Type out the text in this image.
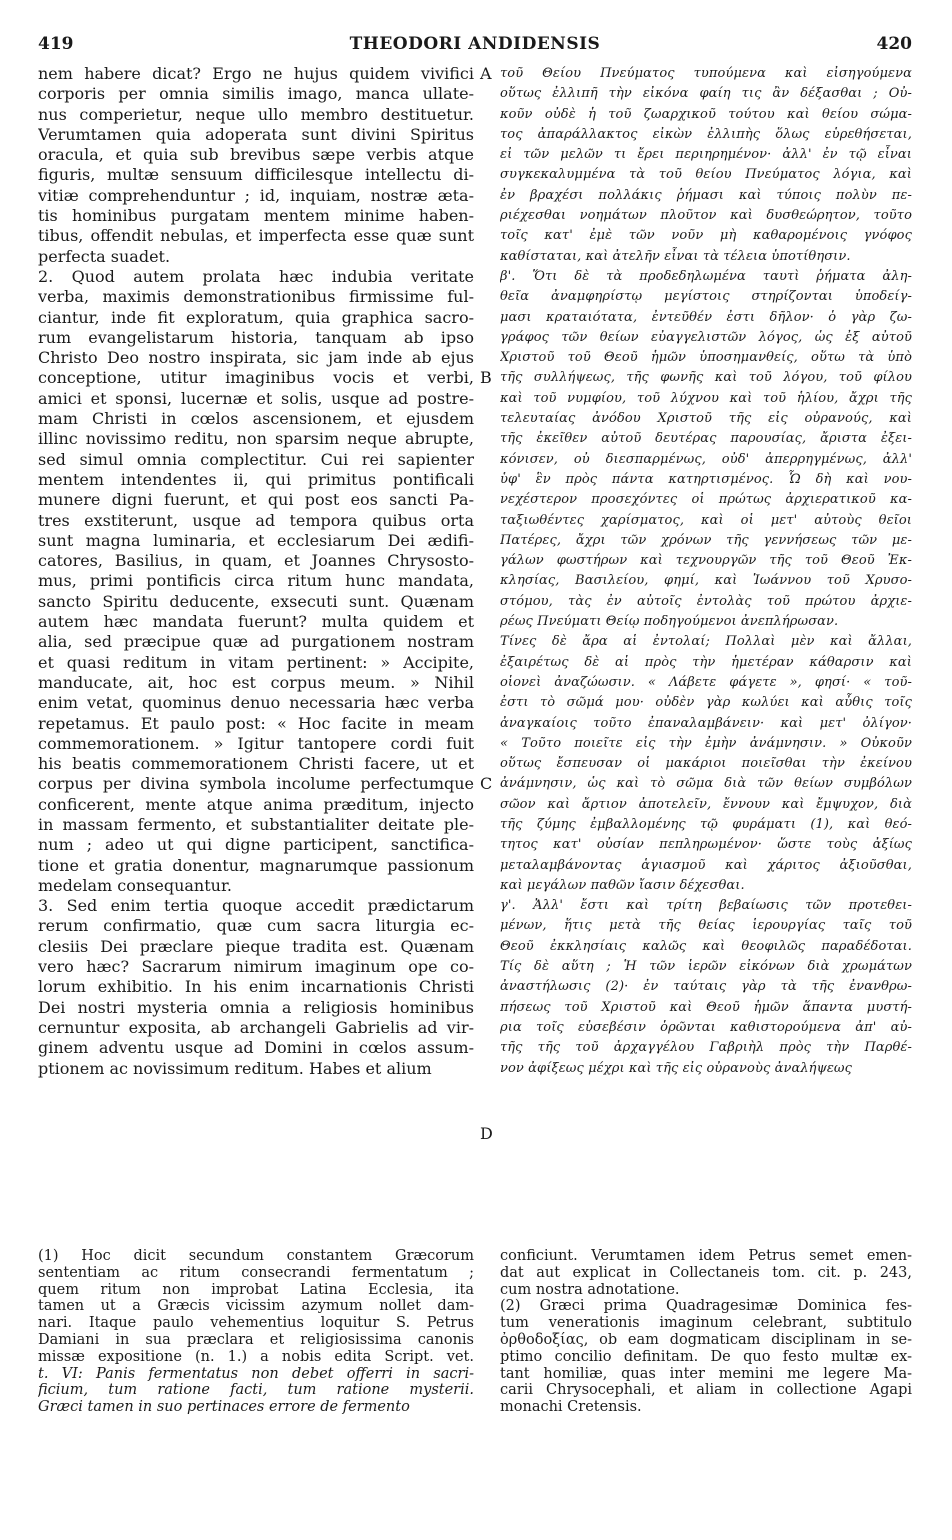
419	THEODORI ANDIDENSIS	420
A
B
C
D
nem habere dicat? Ergo ne hujus quidem vivifici
corporis per omnia similis imago, manca ullate-
nus comperietur, neque ullo membro destituetur.
Verumtamen quia adoperata sunt divini Spiritus
oracula, et quia sub brevibus sæpe verbis atque
figuris, multæ sensuum difficilesque intellectu di-
vitiæ comprehenduntur ; id, inquiam, nostræ æta-
tis hominibus purgatam mentem minime haben-
tibus, offendit nebulas, et imperfecta esse quæ sunt
perfecta suadet.
2. Quod autem prolata hæc indubia veritate
verba, maximis demonstrationibus firmissime ful-
ciantur, inde fit exploratum, quia graphica sacro-
rum evangelistarum historia, tanquam ab ipso
Christo Deo nostro inspirata, sic jam inde ab ejus
conceptione, utitur imaginibus vocis et verbi,
amici et sponsi, lucernæ et solis, usque ad postre-
mam Christi in cœlos ascensionem, et ejusdem
illinc novissimo reditu, non sparsim neque abrupte,
sed simul omnia complectitur. Cui rei sapienter
mentem intendentes ii, qui primitus pontificali
munere digni fuerunt, et qui post eos sancti Pa-
tres exstiterunt, usque ad tempora quibus orta
sunt magna luminaria, et ecclesiarum Dei ædifi-
catores, Basilius, in quam, et Joannes Chrysosto-
mus, primi pontificis circa ritum hunc mandata,
sancto Spiritu deducente, exsecuti sunt. Quænam
autem hæc mandata fuerunt? multa quidem et
alia, sed præcipue quæ ad purgationem nostram
et quasi reditum in vitam pertinent: » Accipite,
manducate, ait, hoc est corpus meum. » Nihil
enim vetat, quominus denuo necessaria hæc verba
repetamus. Et paulo post: « Hoc facite in meam
commemorationem. » Igitur tantopere cordi fuit
his beatis commemorationem Christi facere, ut et
corpus per divina symbola incolume perfectumque
conficerent, mente atque anima præditum, injecto
in massam fermento, et substantialiter deitate ple-
num ; adeo ut qui digne participent, sanctifica-
tione et gratia donentur, magnarumque passionum
medelam consequantur.
3. Sed enim tertia quoque accedit prædictarum
rerum confirmatio, quæ cum sacra liturgia ec-
clesiis Dei præclare pieque tradita est. Quænam
vero hæc? Sacrarum nimirum imaginum ope co-
lorum exhibitio. In his enim incarnationis Christi
Dei nostri mysteria omnia a religiosis hominibus
cernuntur exposita, ab archangeli Gabrielis ad vir-
ginem adventu usque ad Domini in cœlos assum-
ptionem ac novissimum reditum. Habes et alium
τοῦ Θείου Πνεύματος τυπούμενα καὶ εἰσηγούμενα
οὕτως ἐλλιπῆ τὴν εἰκόνα φαίη τις ἂν δέξασθαι ; Οὐ-
κοῦν οὐδὲ ἡ τοῦ ζωαρχικοῦ τούτου καὶ θείου σώμα-
τος ἀπαράλλακτος εἰκὼν ἐλλιπὴς ὅλως εὑρεθήσεται,
εἰ τῶν μελῶν τι ἔρει περιηρημένον· ἀλλ' ἐν τῷ εἶναι
συγκεκαλυμμένα τὰ τοῦ θείου Πνεύματος λόγια, καὶ
ἐν βραχέσι πολλάκις ῥήμασι καὶ τύποις πολὺν πε-
ριέχεσθαι νοημάτων πλοῦτον καὶ δυσθεώρητον, τοῦτο
τοῖς κατ' ἐμὲ τῶν νοῦν μὴ καθαρομένοις γνόφος
καθίσταται, καὶ ἀτελῆν εἶναι τὰ τέλεια ὑποτίθησιν.
β'. Ὅτι δὲ τὰ προδεδηλωμένα ταυτὶ ῥήματα ἀλη-
θεῖα ἀναμφηρίστῳ μεγίστοις στηρίζονται ὑποδείγ-
μασι κραταιότατα, ἐντεῦθέν ἐστι δῆλον· ὁ γὰρ ζω-
γράφος τῶν θείων εὐαγγελιστῶν λόγος, ὡς ἐξ αὐτοῦ
Χριστοῦ τοῦ Θεοῦ ἡμῶν ὑποσημανθείς, οὕτω τὰ ὑπὸ
τῆς συλλήψεως, τῆς φωνῆς καὶ τοῦ λόγου, τοῦ φίλου
καὶ τοῦ νυμφίου, τοῦ λύχνου καὶ τοῦ ἡλίου, ἄχρι τῆς
τελευταίας ἀνόδου Χριστοῦ τῆς εἰς οὐρανούς, καὶ
τῆς ἐκεῖθεν αὐτοῦ δευτέρας παρουσίας, ἄριστα ἐξει-
κόνισεν, οὐ διεσπαρμένως, οὐδ' ἀπερρηγμένως, ἀλλ'
ὑφ' ἓν πρὸς πάντα κατηρτισμένος. Ὧ δὴ καὶ νου-
νεχέστερον προσεχόντες οἱ πρώτως ἀρχιερατικοῦ κα-
ταξιωθέντες χαρίσματος, καὶ οἱ μετ' αὐτοὺς θεῖοι
Πατέρες, ἄχρι τῶν χρόνων τῆς γεννήσεως τῶν με-
γάλων φωστήρων καὶ τεχνουργῶν τῆς τοῦ Θεοῦ Ἐκ-
κλησίας, Βασιλείου, φημί, καὶ Ἰωάννου τοῦ Χρυσο-
στόμου, τὰς ἐν αὐτοῖς ἐντολὰς τοῦ πρώτου ἀρχιε-
ρέως Πνεύματι Θείῳ ποδηγούμενοι ἀνεπλήρωσαν.
Τίνες δὲ ἄρα αἱ ἐντολαί; Πολλαὶ μὲν καὶ ἄλλαι,
ἐξαιρέτως δὲ αἱ πρὸς τὴν ἡμετέραν κάθαρσιν καὶ
οἱονεὶ ἀναζώωσιν. « Λάβετε φάγετε », φησί· « τοῦ-
ἐστι τὸ σῶμά μου· οὐδὲν γὰρ κωλύει καὶ αὖθις τοῖς
ἀναγκαίοις τοῦτο ἐπαναλαμβάνειν· καὶ μετ' ὀλίγον·
« Τοῦτο ποιεῖτε εἰς τὴν ἐμὴν ἀνάμνησιν. » Οὐκοῦν
οὕτως ἔσπευσαν οἱ μακάριοι ποιεῖσθαι τὴν ἐκείνου
ἀνάμνησιν, ὡς καὶ τὸ σῶμα διὰ τῶν θείων συμβόλων
σῶον καὶ ἄρτιον ἀποτελεῖν, ἔννουν καὶ ἔμψυχον, διὰ
τῆς ζύμης ἐμβαλλομένης τῷ φυράματι (1), καὶ θεό-
τητος κατ' οὐσίαν πεπληρωμένον· ὥστε τοὺς ἀξίως
μεταλαμβάνοντας ἁγιασμοῦ καὶ χάριτος ἀξιοῦσθαι,
καὶ μεγάλων παθῶν ἴασιν δέχεσθαι.
γ'. Ἀλλ' ἔστι καὶ τρίτη βεβαίωσις τῶν προτεθει-
μένων, ἥτις μετὰ τῆς θείας ἱερουργίας ταῖς τοῦ
Θεοῦ ἐκκλησίαις καλῶς καὶ θεοφιλῶς παραδέδοται.
Τίς δὲ αὕτη ; Ἡ τῶν ἱερῶν εἰκόνων διὰ χρωμάτων
ἀναστήλωσις (2)· ἐν ταύταις γὰρ τὰ τῆς ἐνανθρω-
πήσεως τοῦ Χριστοῦ καὶ Θεοῦ ἡμῶν ἅπαντα μυστή-
ρια τοῖς εὐσεβέσιν ὁρῶνται καθιστορούμενα ἀπ' αὐ-
τῆς τῆς τοῦ ἀρχαγγέλου Γαβριὴλ πρὸς τὴν Παρθέ-
νον ἀφίξεως μέχρι καὶ τῆς εἰς οὐρανοὺς ἀναλήψεως
(1) Hoc dicit secundum constantem Græcorum
sententiam ac ritum consecrandi fermentatum ;
quem ritum non improbat Latina Ecclesia, ita
tamen ut a Græcis vicissim azymum nollet dam-
nari. Itaque paulo vehementius loquitur S. Petrus
Damiani in sua præclara et religiosissima canonis
missæ expositione (n. 1.) a nobis edita Script. vet.
t. VI: Panis fermentatus non debet offerri in sacri-
ficium, tum ratione facti, tum ratione mysterii.
Græci tamen in suo pertinaces errore de fermento
conficiunt. Verumtamen idem Petrus semet emen-
dat aut explicat in Collectaneis tom. cit. p. 243,
cum nostra adnotatione.
(2) Græci prima Quadragesimæ Dominica fes-
tum venerationis imaginum celebrant, subtitulo
ὀρθοδοξίας, ob eam dogmaticam disciplinam in se-
ptimo concilio definitam. De quo festo multæ ex-
tant homiliæ, quas inter memini me legere Ma-
carii Chrysocephali, et aliam in collectione Agapi
monachi Cretensis.
